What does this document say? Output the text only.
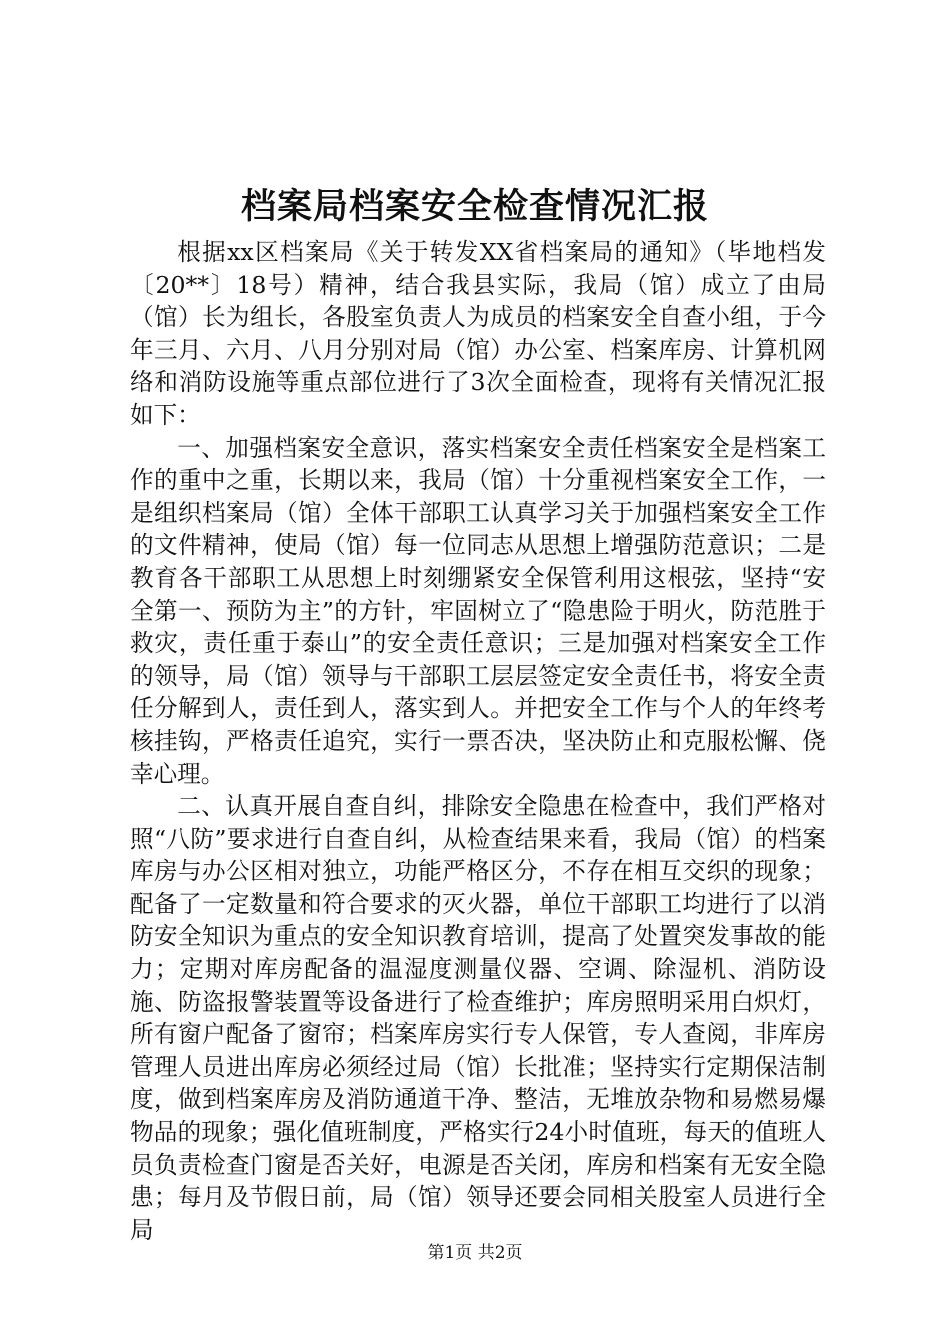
档案局档案安全检查情况汇报

根据xx区档案局《关于转发XX省档案局的通知》（毕地档发〔20**〕18号）精神，结合我县实际，我局（馆）成立了由局（馆）长为组长，各股室负责人为成员的档案安全自查小组，于今年三月、六月、八月分别对局（馆）办公室、档案库房、计算机网络和消防设施等重点部位进行了3次全面检查，现将有关情况汇报如下：

一、加强档案安全意识，落实档案安全责任档案安全是档案工作的重中之重，长期以来，我局（馆）十分重视档案安全工作，一是组织档案局（馆）全体干部职工认真学习关于加强档案安全工作的文件精神，使局（馆）每一位同志从思想上增强防范意识；二是教育各干部职工从思想上时刻绷紧安全保管利用这根弦，坚持“安全第一、预防为主”的方针，牢固树立了“隐患险于明火，防范胜于救灾，责任重于泰山”的安全责任意识；三是加强对档案安全工作的领导，局（馆）领导与干部职工层层签定安全责任书，将安全责任分解到人，责任到人，落实到人。并把安全工作与个人的年终考核挂钩，严格责任追究，实行一票否决，坚决防止和克服松懈、侥幸心理。

二、认真开展自查自纠，排除安全隐患在检查中，我们严格对照“八防”要求进行自查自纠，从检查结果来看，我局（馆）的档案库房与办公区相对独立，功能严格区分，不存在相互交织的现象；配备了一定数量和符合要求的灭火器，单位干部职工均进行了以消防安全知识为重点的安全知识教育培训，提高了处置突发事故的能力；定期对库房配备的温湿度测量仪器、空调、除湿机、消防设施、防盗报警装置等设备进行了检查维护；库房照明采用白炽灯，所有窗户配备了窗帘；档案库房实行专人保管，专人查阅，非库房管理人员进出库房必须经过局（馆）长批准；坚持实行定期保洁制度，做到档案库房及消防通道干净、整洁，无堆放杂物和易燃易爆物品的现象；强化值班制度，严格实行24小时值班，每天的值班人员负责检查门窗是否关好，电源是否关闭，库房和档案有无安全隐患；每月及节假日前，局（馆）领导还要会同相关股室人员进行全局

第1页 共2页
